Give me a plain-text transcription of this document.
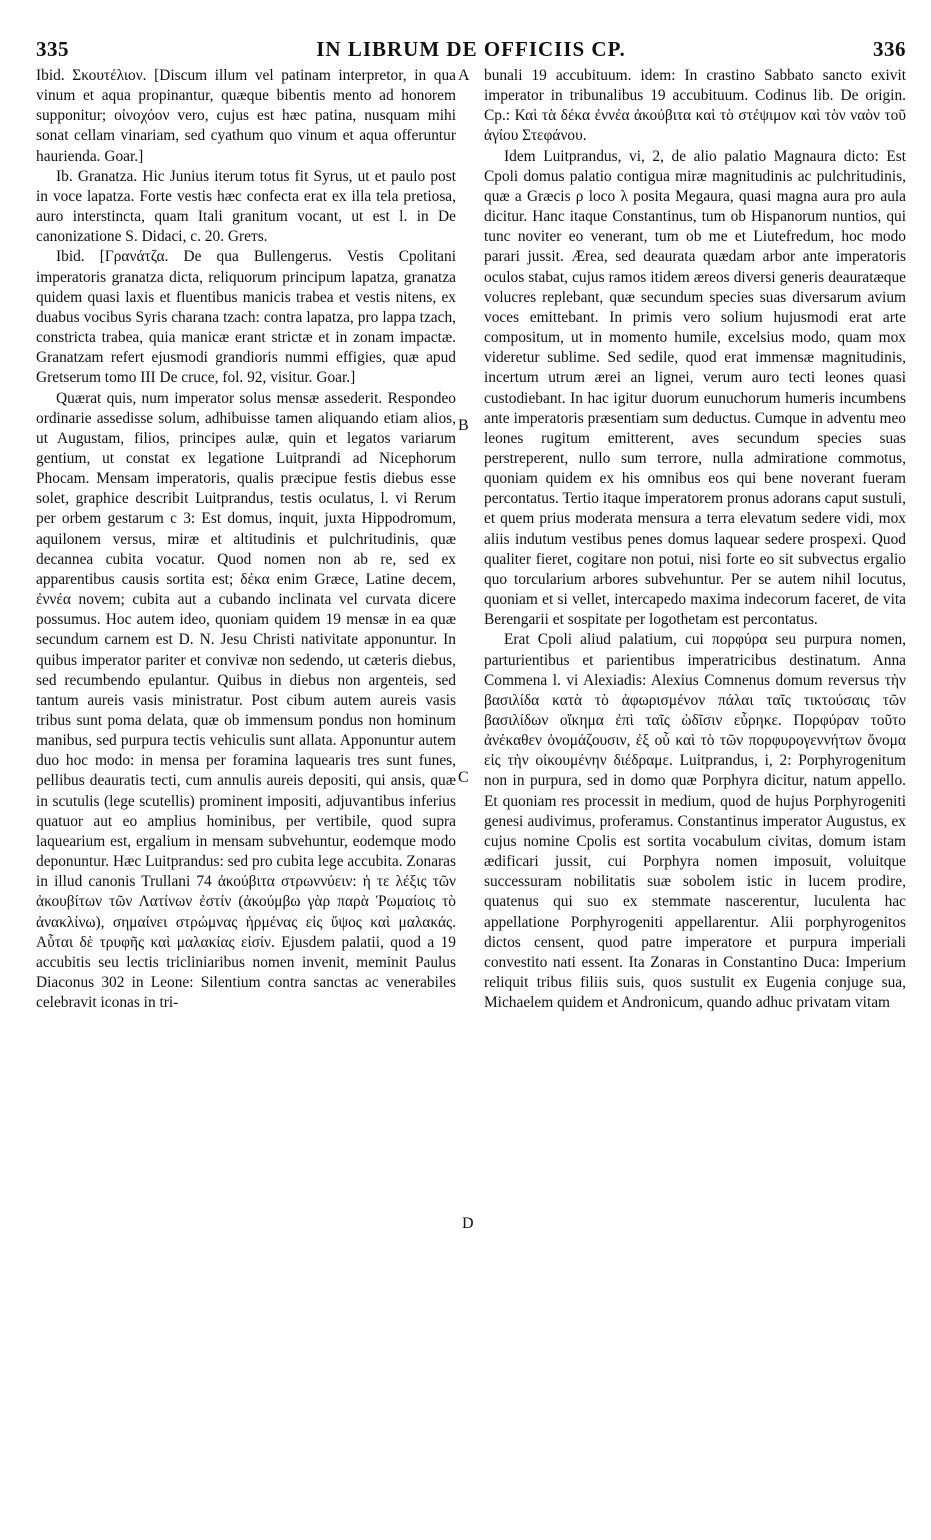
335	IN LIBRUM DE OFFICIIS CP.	336

Ibid. Σκουτέλιον. [Discum illum vel patinam interpretor, in qua vinum et aqua propinantur, quæque bibentis mento ad honorem supponitur; οἰνοχόον vero, cujus est hæc patina, nusquam mihi sonat cellam vinariam, sed cyathum quo vinum et aqua offeruntur haurienda. Goar.]

Ib. Granatza. Hic Junius iterum totus fit Syrus, ut et paulo post in voce lapatza. Forte vestis hæc confecta erat ex illa tela pretiosa, auro interstincta, quam Itali granitum vocant, ut est l. in De canonizatione S. Didaci, c. 20. Greтs.

Ibid. [Γρανάτζα. De qua Bullengerus. Vestis Cpolitani imperatoris granatza dicta, reliquorum principum lapatza, granatza quidem quasi laxis et fluentibus manicis trabea et vestis nitens, ex duabus vocibus Syris charana tzach: contra lapatza, pro lappa tzach, constricta trabea, quia manicæ erant strictæ et in zonam impactæ. Granatzam refert ejusmodi grandioris nummi effigies, quæ apud Gretserum tomo III De cruce, fol. 92, visitur. Goar.]

Quærat quis, num imperator solus mensæ assederit. Respondeo ordinarie assedisse solum, adhibuisse tamen aliquando etiam alios, ut Augustam, filios, principes aulæ, quin et legatos variarum gentium, ut constat ex legatione Luitprandi ad Nicephorum Phocam. Mensam imperatoris, qualis præcipue festis diebus esse solet, graphice describit Luitprandus, testis oculatus, l. vi Rerum per orbem gestarum c 3: Est domus, inquit, juxta Hippodromum, aquilonem versus, miræ et altitudinis et pulchritudinis, quæ decannea cubita vocatur. Quod nomen non ab re, sed ex apparentibus causis sortita est; δέκα enim Græce, Latine decem, ἐννέα novem; cubita aut a cubando inclinata vel curvata dicere possumus. Hoc autem ideo, quoniam quidem 19 mensæ in ea quæ secundum carnem est D. N. Jesu Christi nativitate apponuntur. In quibus imperator pariter et convivæ non sedendo, ut cæteris diebus, sed recumbendo epulantur. Quibus in diebus non argenteis, sed tantum aureis vasis ministratur. Post cibum autem aureis vasis tribus sunt poma delata, quæ ob immensum pondus non hominum manibus, sed purpura tectis vehiculis sunt allata. Apponuntur autem duo hoc modo: in mensa per foramina laquearis tres sunt funes, pellibus deauratis tecti, cum annulis aureis depositi, qui ansis, quæ in scutulis (lege scutellis) prominent impositi, adjuvantibus inferius quatuor aut eo amplius hominibus, per vertibile, quod supra laquearium est, ergalium in mensam subvehuntur, eodemque modo deponuntur. Hæc Luitprandus: sed pro cubita lege accubita. Zonaras in illud canonis Trullani 74 ἀκούβιτα στρωννύειν: ἡ τε λέξις τῶν ἀκουβίτων τῶν Λατίνων ἐστίν (ἀκούμβω γὰρ παρὰ Ῥωμαίοις τὸ ἀνακλίνω), σημαίνει στρώμνας ἡρμένας εἰς ὕψος καὶ μαλακάς. Αὗται δὲ τρυφῆς καὶ μαλακίας εἰσίν. Ejusdem palatii, quod a 19 accubitis seu lectis tricliniaribus nomen invenit, meminit Paulus Diaconus 302 in Leone: Silentium contra sanctas ac venerabiles celebravit iconas in tri-

bunali 19 accubituum. idem: In crastino Sabbato sancto exivit imperator in tribunalibus 19 accubituum. Codinus lib. De origin. Cp.: Καὶ τὰ δέκα ἐννέα ἀκούβιτα καὶ τὸ στέψιμον καὶ τὸν ναὸν τοῦ ἁγίου Στεφάνου.

Idem Luitprandus, vi, 2, de alio palatio Magnaura dicto: Est Cpoli domus palatio contigua miræ magnitudinis ac pulchritudinis, quæ a Græcis ρ loco λ posita Megaura, quasi magna aura pro aula dicitur. Hanc itaque Constantinus, tum ob Hispanorum nuntios, qui tunc noviter eo venerant, tum ob me et Liutefredum, hoc modo parari jussit. Ærea, sed deaurata quædam arbor ante imperatoris oculos stabat, cujus ramos itidem æreos diversi generis deauratæque volucres replebant, quæ secundum species suas diversarum avium voces emittebant. In primis vero solium hujusmodi erat arte compositum, ut in momento humile, excelsius modo, quam mox videretur sublime. Sed sedile, quod erat immensæ magnitudinis, incertum utrum ærei an lignei, verum auro tecti leones quasi custodiebant. In hac igitur duorum eunuchorum humeris incumbens ante imperatoris præsentiam sum deductus. Cumque in adventu meo leones rugitum emitterent, aves secundum species suas perstreperent, nullo sum terrore, nulla admiratione commotus, quoniam quidem ex his omnibus eos qui bene noverant fueram percontatus. Tertio itaque imperatorem pronus adorans caput sustuli, et quem prius moderata mensura a terra elevatum sedere vidi, mox aliis indutum vestibus penes domus laquear sedere prospexi. Quod qualiter fieret, cogitare non potui, nisi forte eo sit subvectus ergalio quo torcularium arbores subvehuntur. Per se autem nihil locutus, quoniam et si vellet, intercapedo maxima indecorum faceret, de vita Berengarii et sospitate per logothetam est percontatus.

Erat Cpoli aliud palatium, cui πορφύρα seu purpura nomen, parturientibus et parientibus imperatricibus destinatum. Anna Commena l. vi Alexiadis: Alexius Comnenus domum reversus τὴν βασιλίδα κατὰ τὸ ἀφωρισμένον πάλαι ταῖς τικτούσαις τῶν βασιλίδων οἴκημα ἐπὶ ταῖς ὠδῖσιν εὗρηκε. Πορφύραν τοῦτο ἀνέκαθεν ὀνομάζουσιν, ἐξ οὗ καὶ τὸ τῶν πορφυρογεννήτων ὄνομα εἰς τὴν οἰκουμένην διέδραμε. Luitprandus, i, 2: Porphyrogenitum non in purpura, sed in domo quæ Porphyra dicitur, natum appello. Et quoniam res processit in medium, quod de hujus Porphyrogeniti genesi audivimus, proferamus. Constantinus imperator Augustus, ex cujus nomine Cpolis est sortita vocabulum civitas, domum istam ædificari jussit, cui Porphyra nomen imposuit, voluitque successuram nobilitatis suæ sobolem istic in lucem prodire, quatenus qui suo ex stemmate nascerentur, luculenta hac appellatione Porphyrogeniti appellarentur. Alii porphyrogenitos dictos censent, quod patre imperatore et purpura imperiali convestito nati essent. Ita Zonaras in Constantino Duca: Imperium reliquit tribus filiis suis, quos sustulit ex Eugenia conjuge sua, Michaelem quidem et Andronicum, quando adhuc privatam vitam

A
B
C
D
